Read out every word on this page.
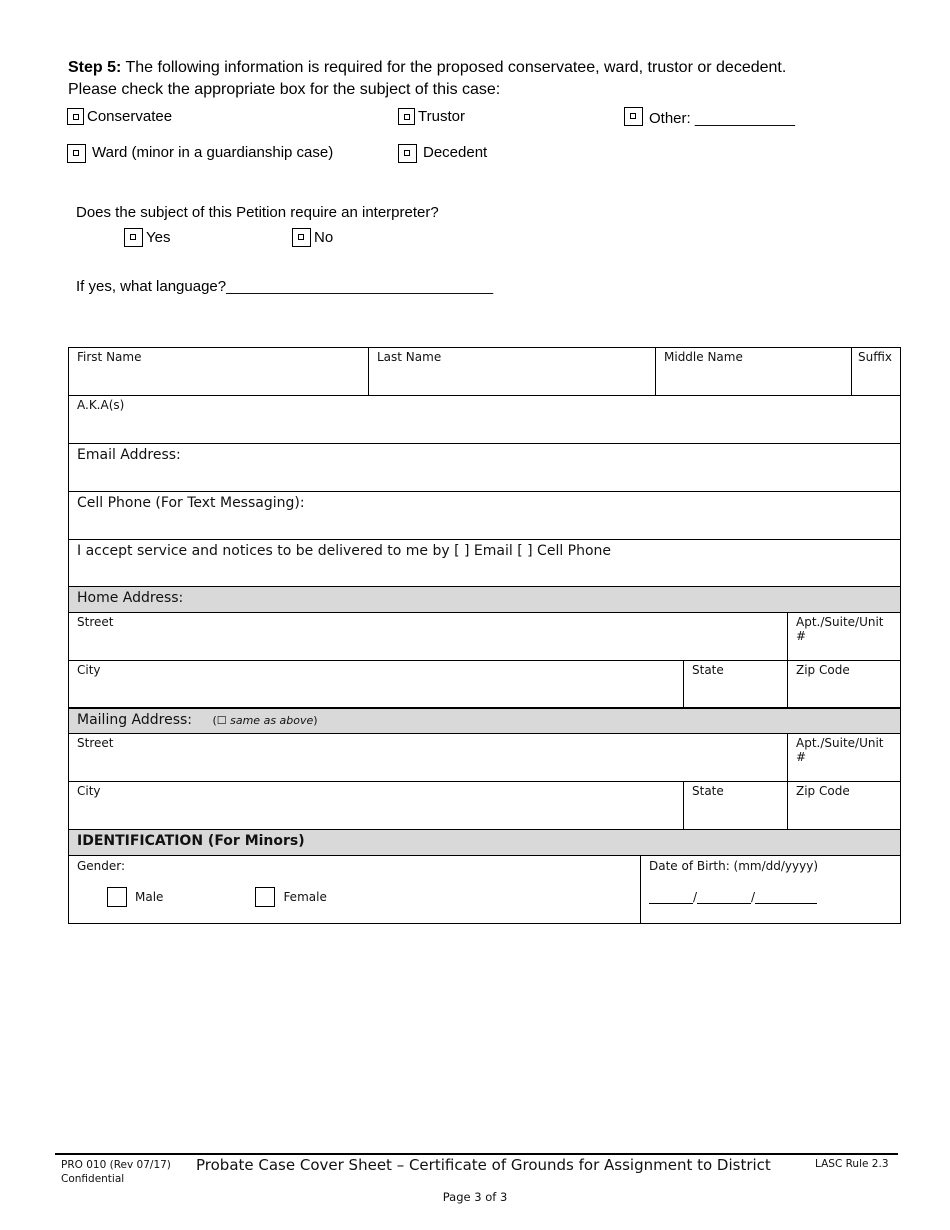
Step 5: The following information is required for the proposed conservatee, ward, trustor or decedent.
Please check the appropriate box for the subject of this case:
Conservatee	Trustor	Other: ____________
Ward (minor in a guardianship case)	Decedent
Does the subject of this Petition require an interpreter?
Yes	No
If yes, what language?________________________________
First Name	Last Name	Middle Name	Suffix
A.K.A(s)
Email Address:
Cell Phone (For Text Messaging):
I accept service and notices to be delivered to me by [ ] Email [ ] Cell Phone
Home Address:
Street	Apt./Suite/Unit #
City	State	Zip Code
Mailing Address: (☐ same as above)
Street	Apt./Suite/Unit #
City	State	Zip Code
IDENTIFICATION (For Minors)
Gender:
Male	Female
Date of Birth: (mm/dd/yyyy)
/	/
PRO 010 (Rev 07/17)
Confidential
Probate Case Cover Sheet – Certificate of Grounds for Assignment to District	LASC Rule 2.3
Page 3 of 3
